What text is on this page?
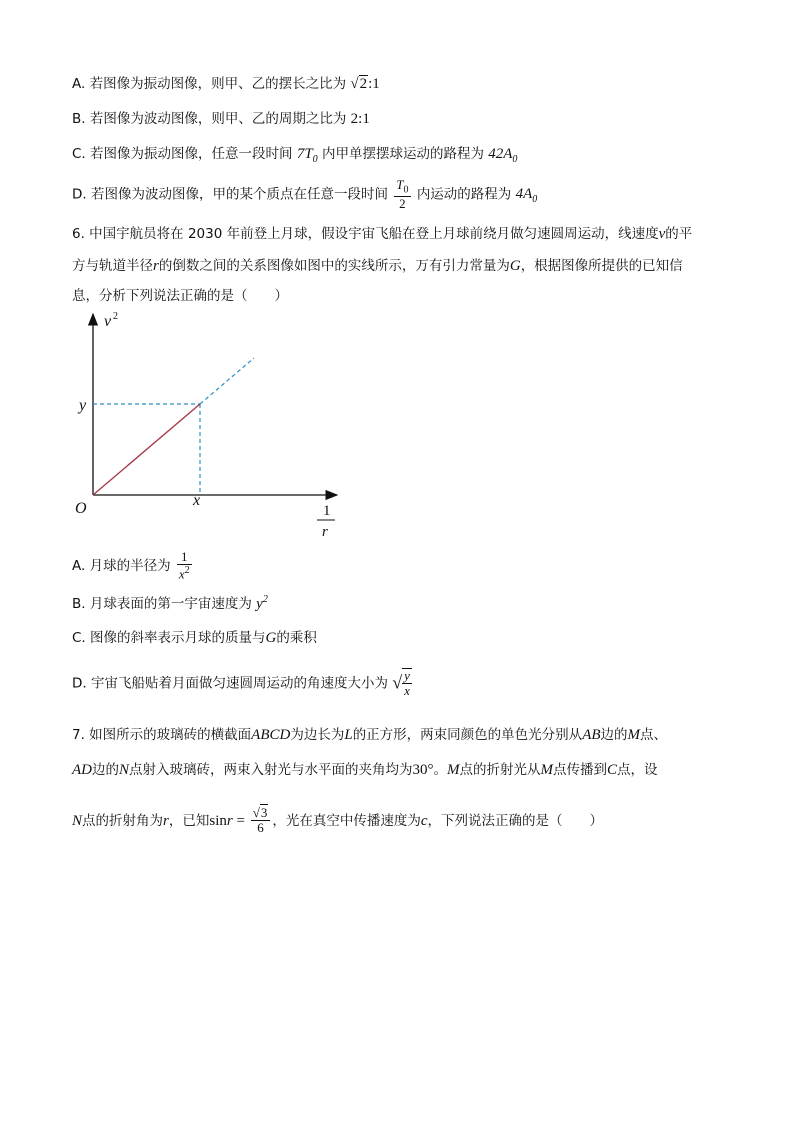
A. 若图像为振动图像，则甲、乙的摆长之比为 √2:1
B. 若图像为波动图像，则甲、乙的周期之比为 2:1
C. 若图像为振动图像，任意一段时间 $7T_0$ 内甲单摆摆球运动的路程为 $42A_0$
D. 若图像为波动图像，甲的某个质点在任意一段时间 $\frac{T_0}{2}$ 内运动的路程为 $4A_0$
6. 中国宇航员将在 2030 年前登上月球，假设宇宙飞船在登上月球前绕月做匀速圆周运动，线速度v的平
方与轨道半径r的倒数之间的关系图像如图中的实线所示，万有引力常量为G，根据图像所提供的已知信
息，分析下列说法正确的是（　　）
v 2
y
x
O	1
r
A. 月球的半径为 $\frac{1}{x^2}$
B. 月球表面的第一宇宙速度为 $y^2$
C. 图像的斜率表示月球的质量与G的乘积
D. 宇宙飞船贴着月面做匀速圆周运动的角速度大小为 √ $\frac{y}{x}$
7. 如图所示的玻璃砖的横截面ABCD为边长为L的正方形，两束同颜色的单色光分别从AB边的M点、
AD边的N点射入玻璃砖，两束入射光与水平面的夹角均为30°。M点的折射光从M点传播到C点，设
N点的折射角为r，已知$\sin r = \frac{√3}{6}$ ，光在真空中传播速度为c，下列说法正确的是（　　）
